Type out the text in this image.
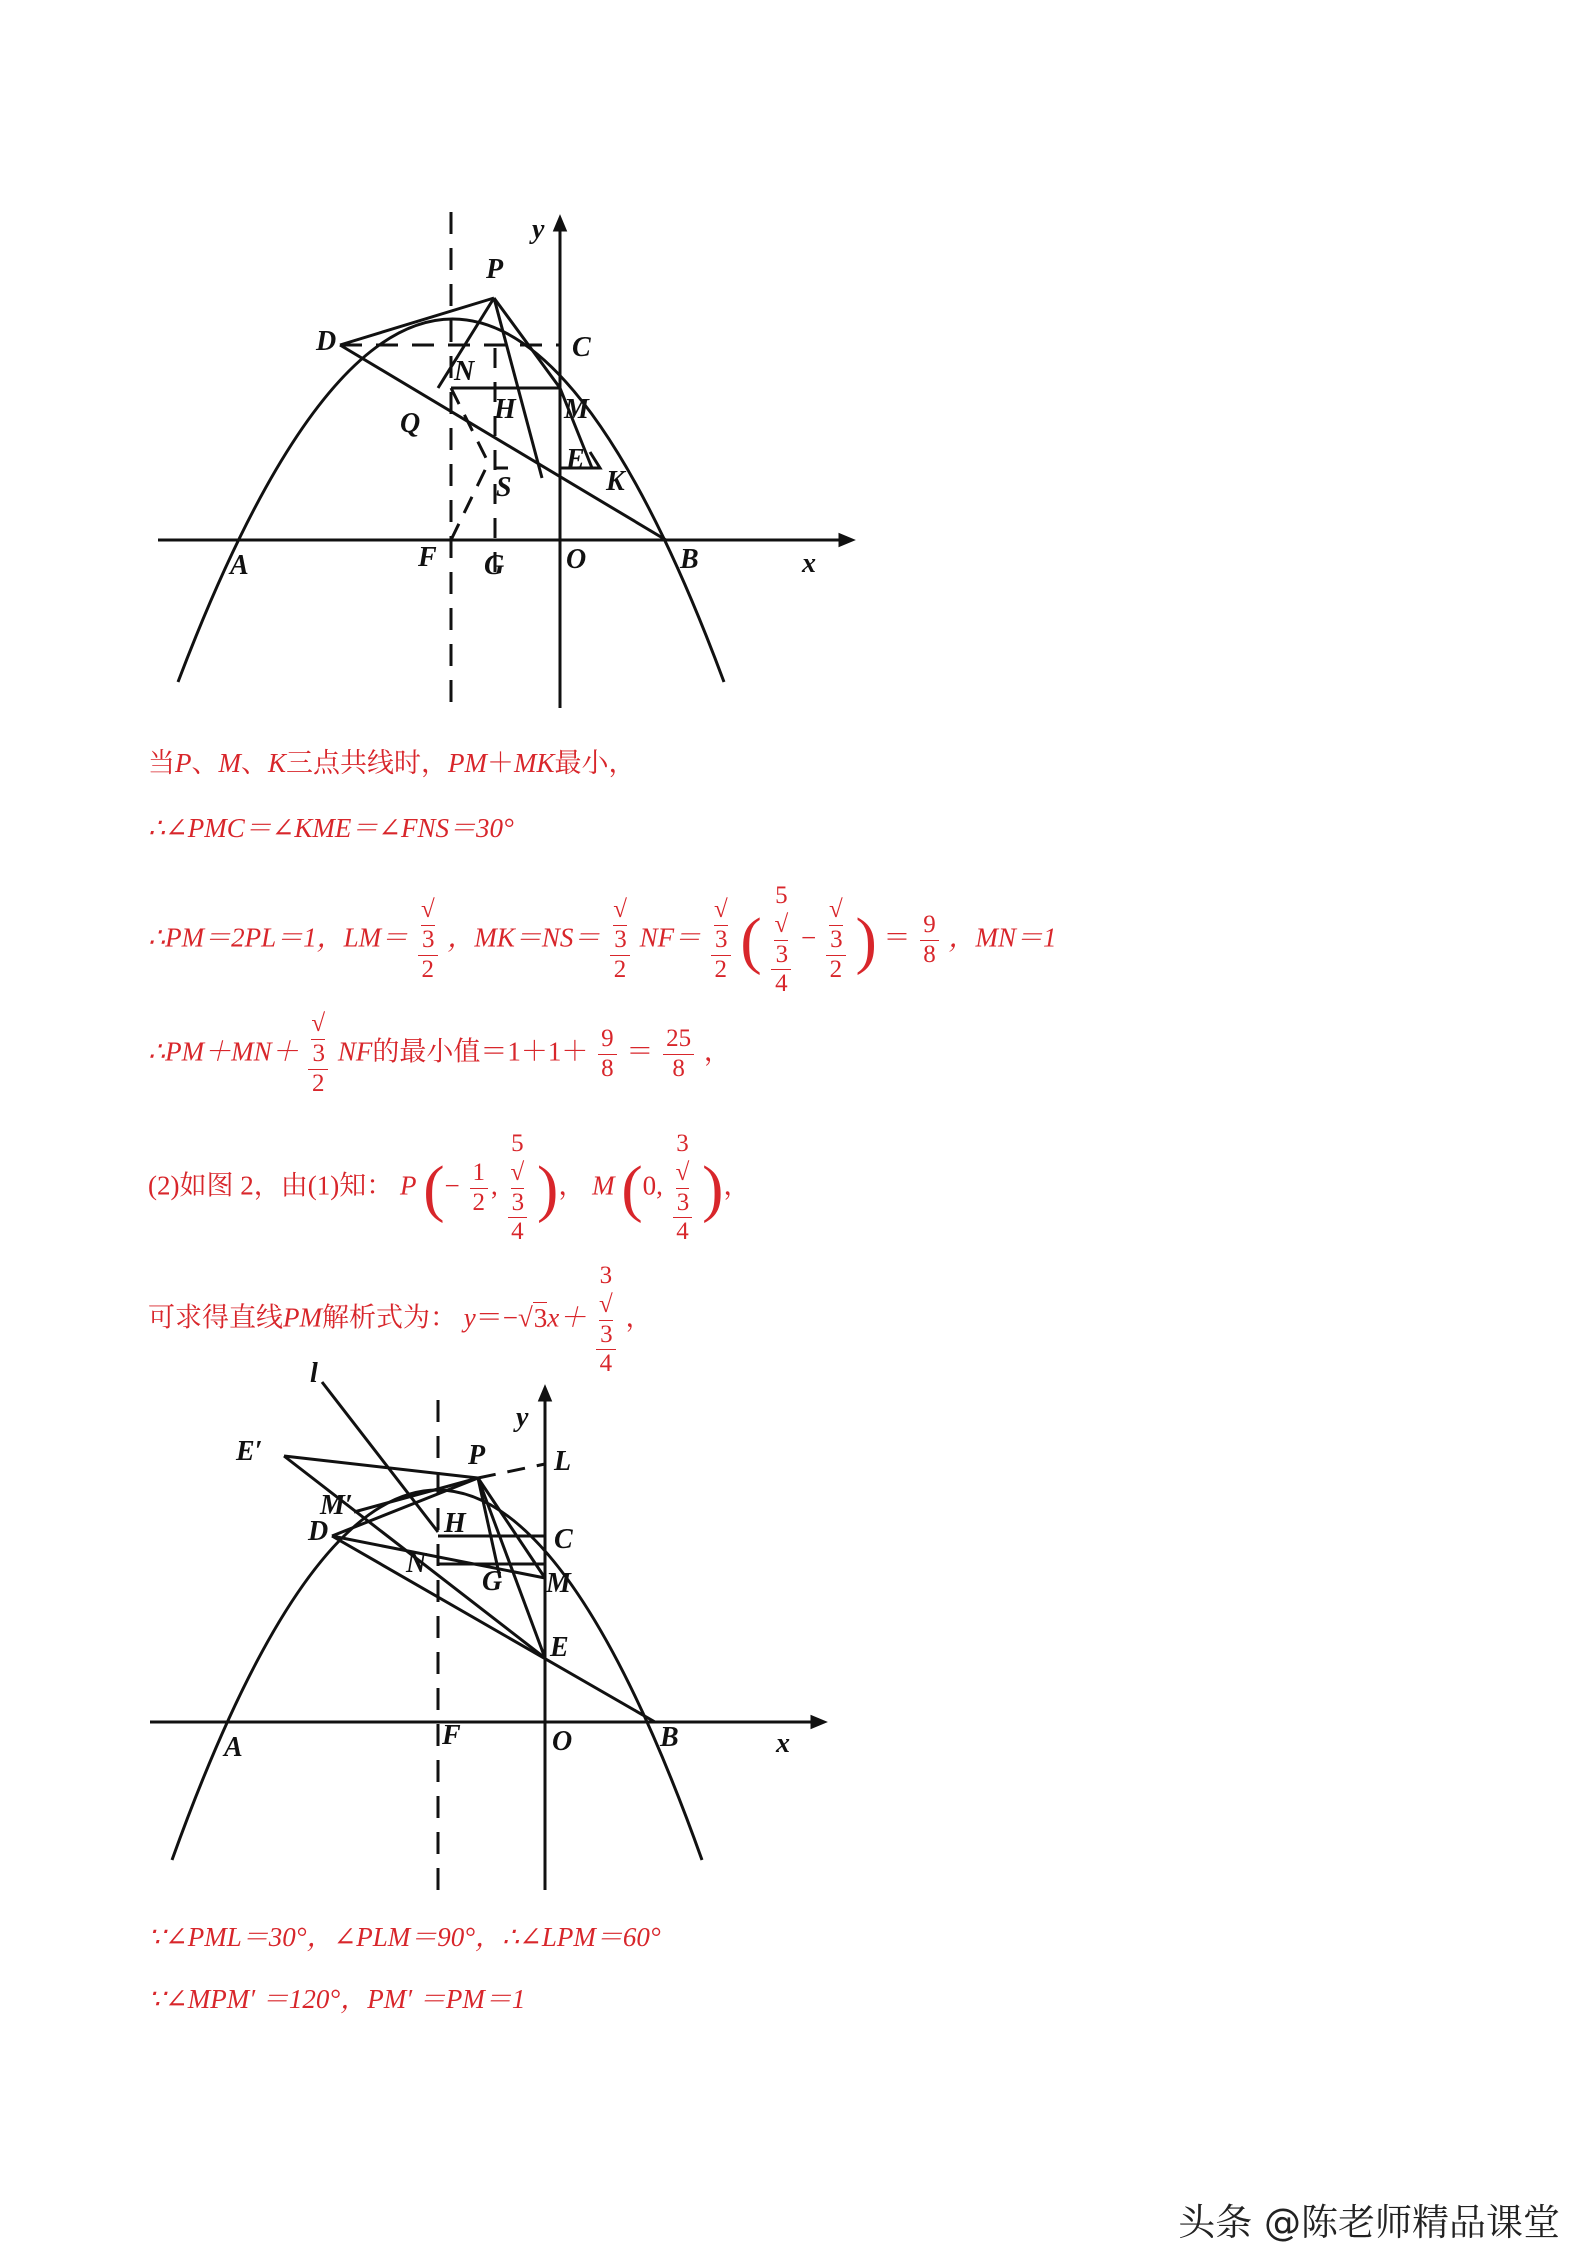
y
P
D	C
N
M
Q	H
E
K
S
A	F G O	B	x
当P、M、K三点共线时，PM＋MK最小，
∴∠PMC＝∠KME＝∠FNS＝30°
∴PM＝2PL＝1，LM＝ √
3
2 ，MK＝NS＝ √
3
2 NF＝ √
3
2 ( 5
√
3
4 − √
3
2 ) ＝ $\frac{9}{8}$ ，MN＝1
∴PM＋MN＋ √
3
2 NF的最小值$=1+1+ \frac{9}{8} = \frac{25}{8}$ ，
(2)如图 2，由(1)知： P (− $\frac{1}{2}$ , 5
√
3
4 )， M (0, 3
√
3
4 )，
可求得直线PM解析式为： y＝−√3x＋ 3
√
3
4 ，
l
y
E′	P L
M′
D	H
C
N
G M
E
A	F	O	B	x
∵∠PML＝30°，∠PLM＝90°，∴∠LPM＝60°
∵∠MPM′ ＝120°，PM′ ＝PM＝1
头条 @陈老师精品课堂
